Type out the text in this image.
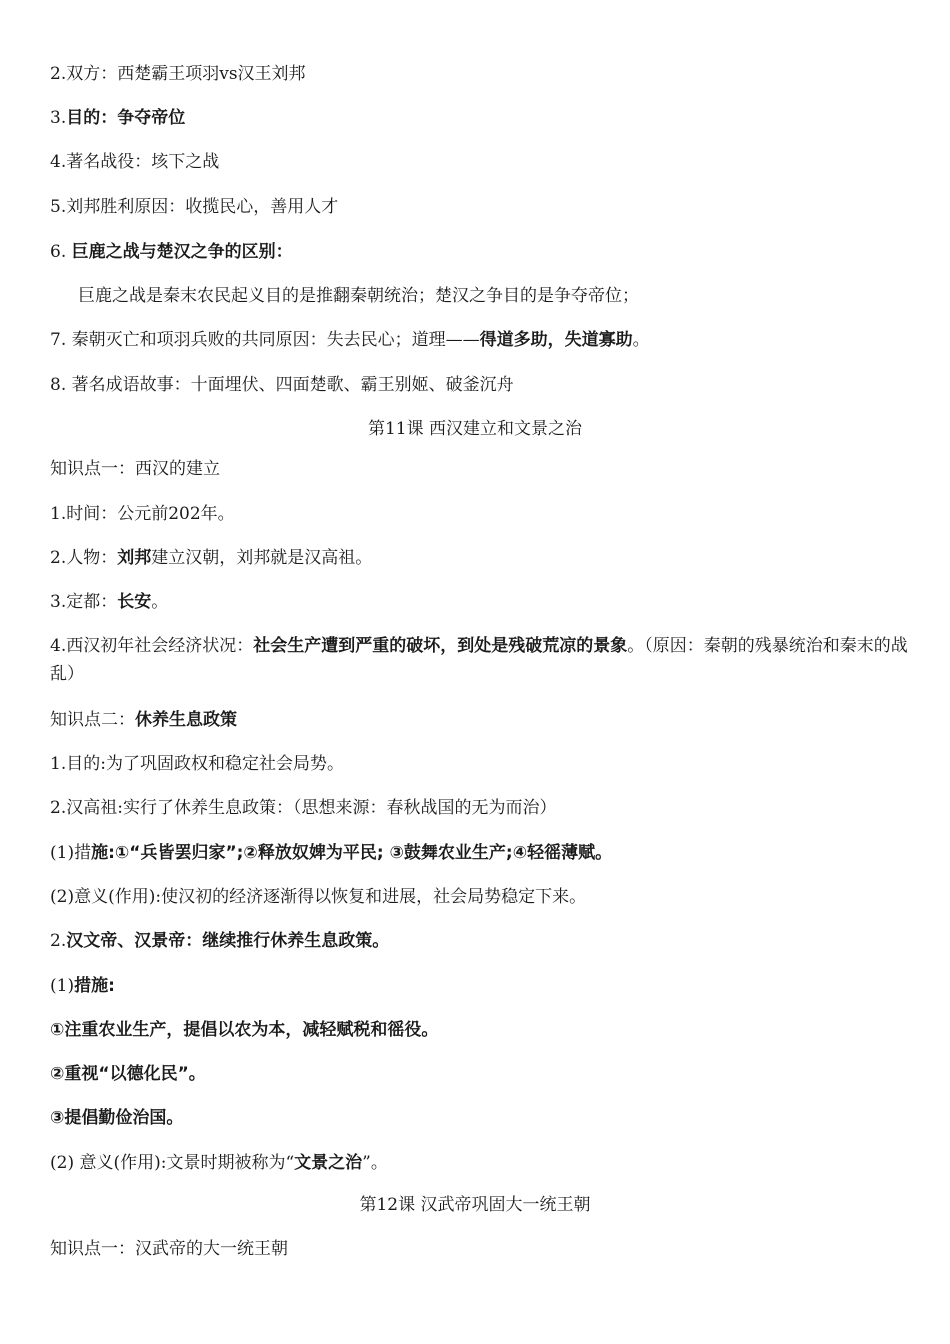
2.双方：西楚霸王项羽vs汉王刘邦
3.目的：争夺帝位
4.著名战役：垓下之战
5.刘邦胜利原因：收揽民心，善用人才
6. 巨鹿之战与楚汉之争的区别：
巨鹿之战是秦末农民起义目的是推翻秦朝统治；楚汉之争目的是争夺帝位；
7. 秦朝灭亡和项羽兵败的共同原因：失去民心；道理——得道多助，失道寡助。
8. 著名成语故事：十面埋伏、四面楚歌、霸王别姬、破釜沉舟
第11课 西汉建立和文景之治
知识点一：西汉的建立
1.时间：公元前202年。
2.人物：刘邦建立汉朝，刘邦就是汉高祖。
3.定都：长安。
4.西汉初年社会经济状况：社会生产遭到严重的破坏，到处是残破荒凉的景象。（原因：秦朝的残暴统治和秦末的战乱）
知识点二：休养生息政策
1.目的:为了巩固政权和稳定社会局势。
2.汉高祖:实行了休养生息政策：（思想来源：春秋战国的无为而治）
(1)措施:①“兵皆罢归家”;②释放奴婢为平民; ③鼓舞农业生产;④轻徭薄赋。
(2)意义(作用):使汉初的经济逐渐得以恢复和进展，社会局势稳定下来。
2.汉文帝、汉景帝：继续推行休养生息政策。
(1)措施:
①注重农业生产，提倡以农为本，减轻赋税和徭役。
②重视“以德化民”。
③提倡勤俭治国。
(2) 意义(作用):文景时期被称为“文景之治”。
第12课 汉武帝巩固大一统王朝
知识点一：汉武帝的大一统王朝
